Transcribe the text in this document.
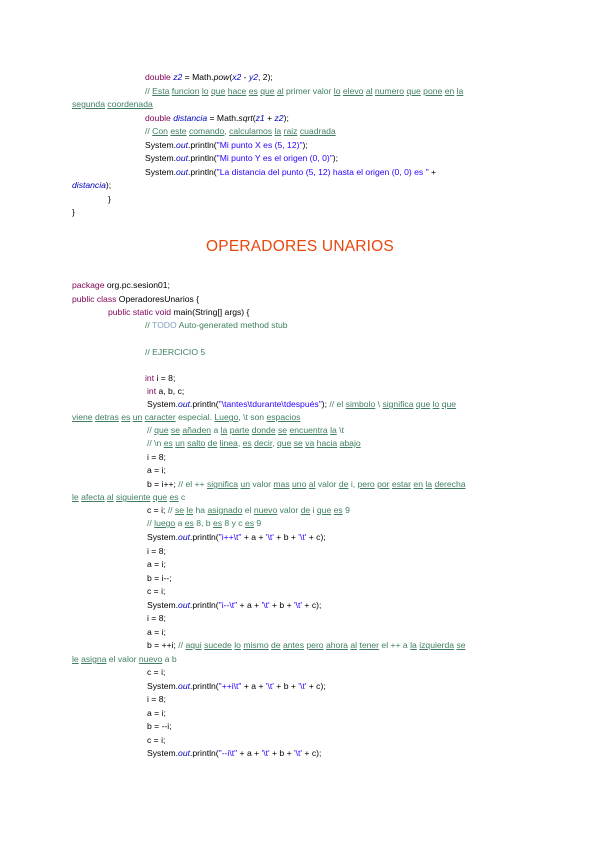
OPERADORES UNARIOS
double z2 = Math.pow(x2 - y2, 2);
// Esta funcion lo que hace es que al primer valor lo elevo al numero que pone en la
segunda coordenada
double distancia = Math.sqrt(z1 + z2);
// Con este comando, calculamos la raiz cuadrada
System.out.println("Mi punto X es (5, 12)");
System.out.println("Mi punto Y es el origen (0, 0)");
System.out.println("La distancia del punto (5, 12) hasta el origen (0, 0) es " +
distancia);
}
}
package org.pc.sesion01;
public class OperadoresUnarios {
public static void main(String[] args) {
// TODO Auto-generated method stub
// EJERCICIO 5
int i = 8;
int a, b, c;
System.out.println("\tantes\tdurante\tdespués"); // el simbolo \ significa que lo que
viene detras es un caracter especial. Luego, \t son espacios
// que se añaden a la parte donde se encuentra la \t
// \n es un salto de linea, es decir, que se va hacia abajo
i = 8;
a = i;
b = i++; // el ++ significa un valor mas uno al valor de i, pero por estar en la derecha
le afecta al siguiente que es c
c = i; // se le ha asignado el nuevo valor de i que es 9
// luego a es 8, b es 8 y c es 9
System.out.println("i++\t" + a + '\t' + b + '\t' + c);
i = 8;
a = i;
b = i--;
c = i;
System.out.println("i--\t" + a + '\t' + b + '\t' + c);
i = 8;
a = i;
b = ++i; // aqui sucede lo mismo de antes pero ahora al tener el ++ a la izquierda se
le asigna el valor nuevo a b
c = i;
System.out.println("++i\t" + a + '\t' + b + '\t' + c);
i = 8;
a = i;
b = --i;
c = i;
System.out.println("--i\t" + a + '\t' + b + '\t' + c);
